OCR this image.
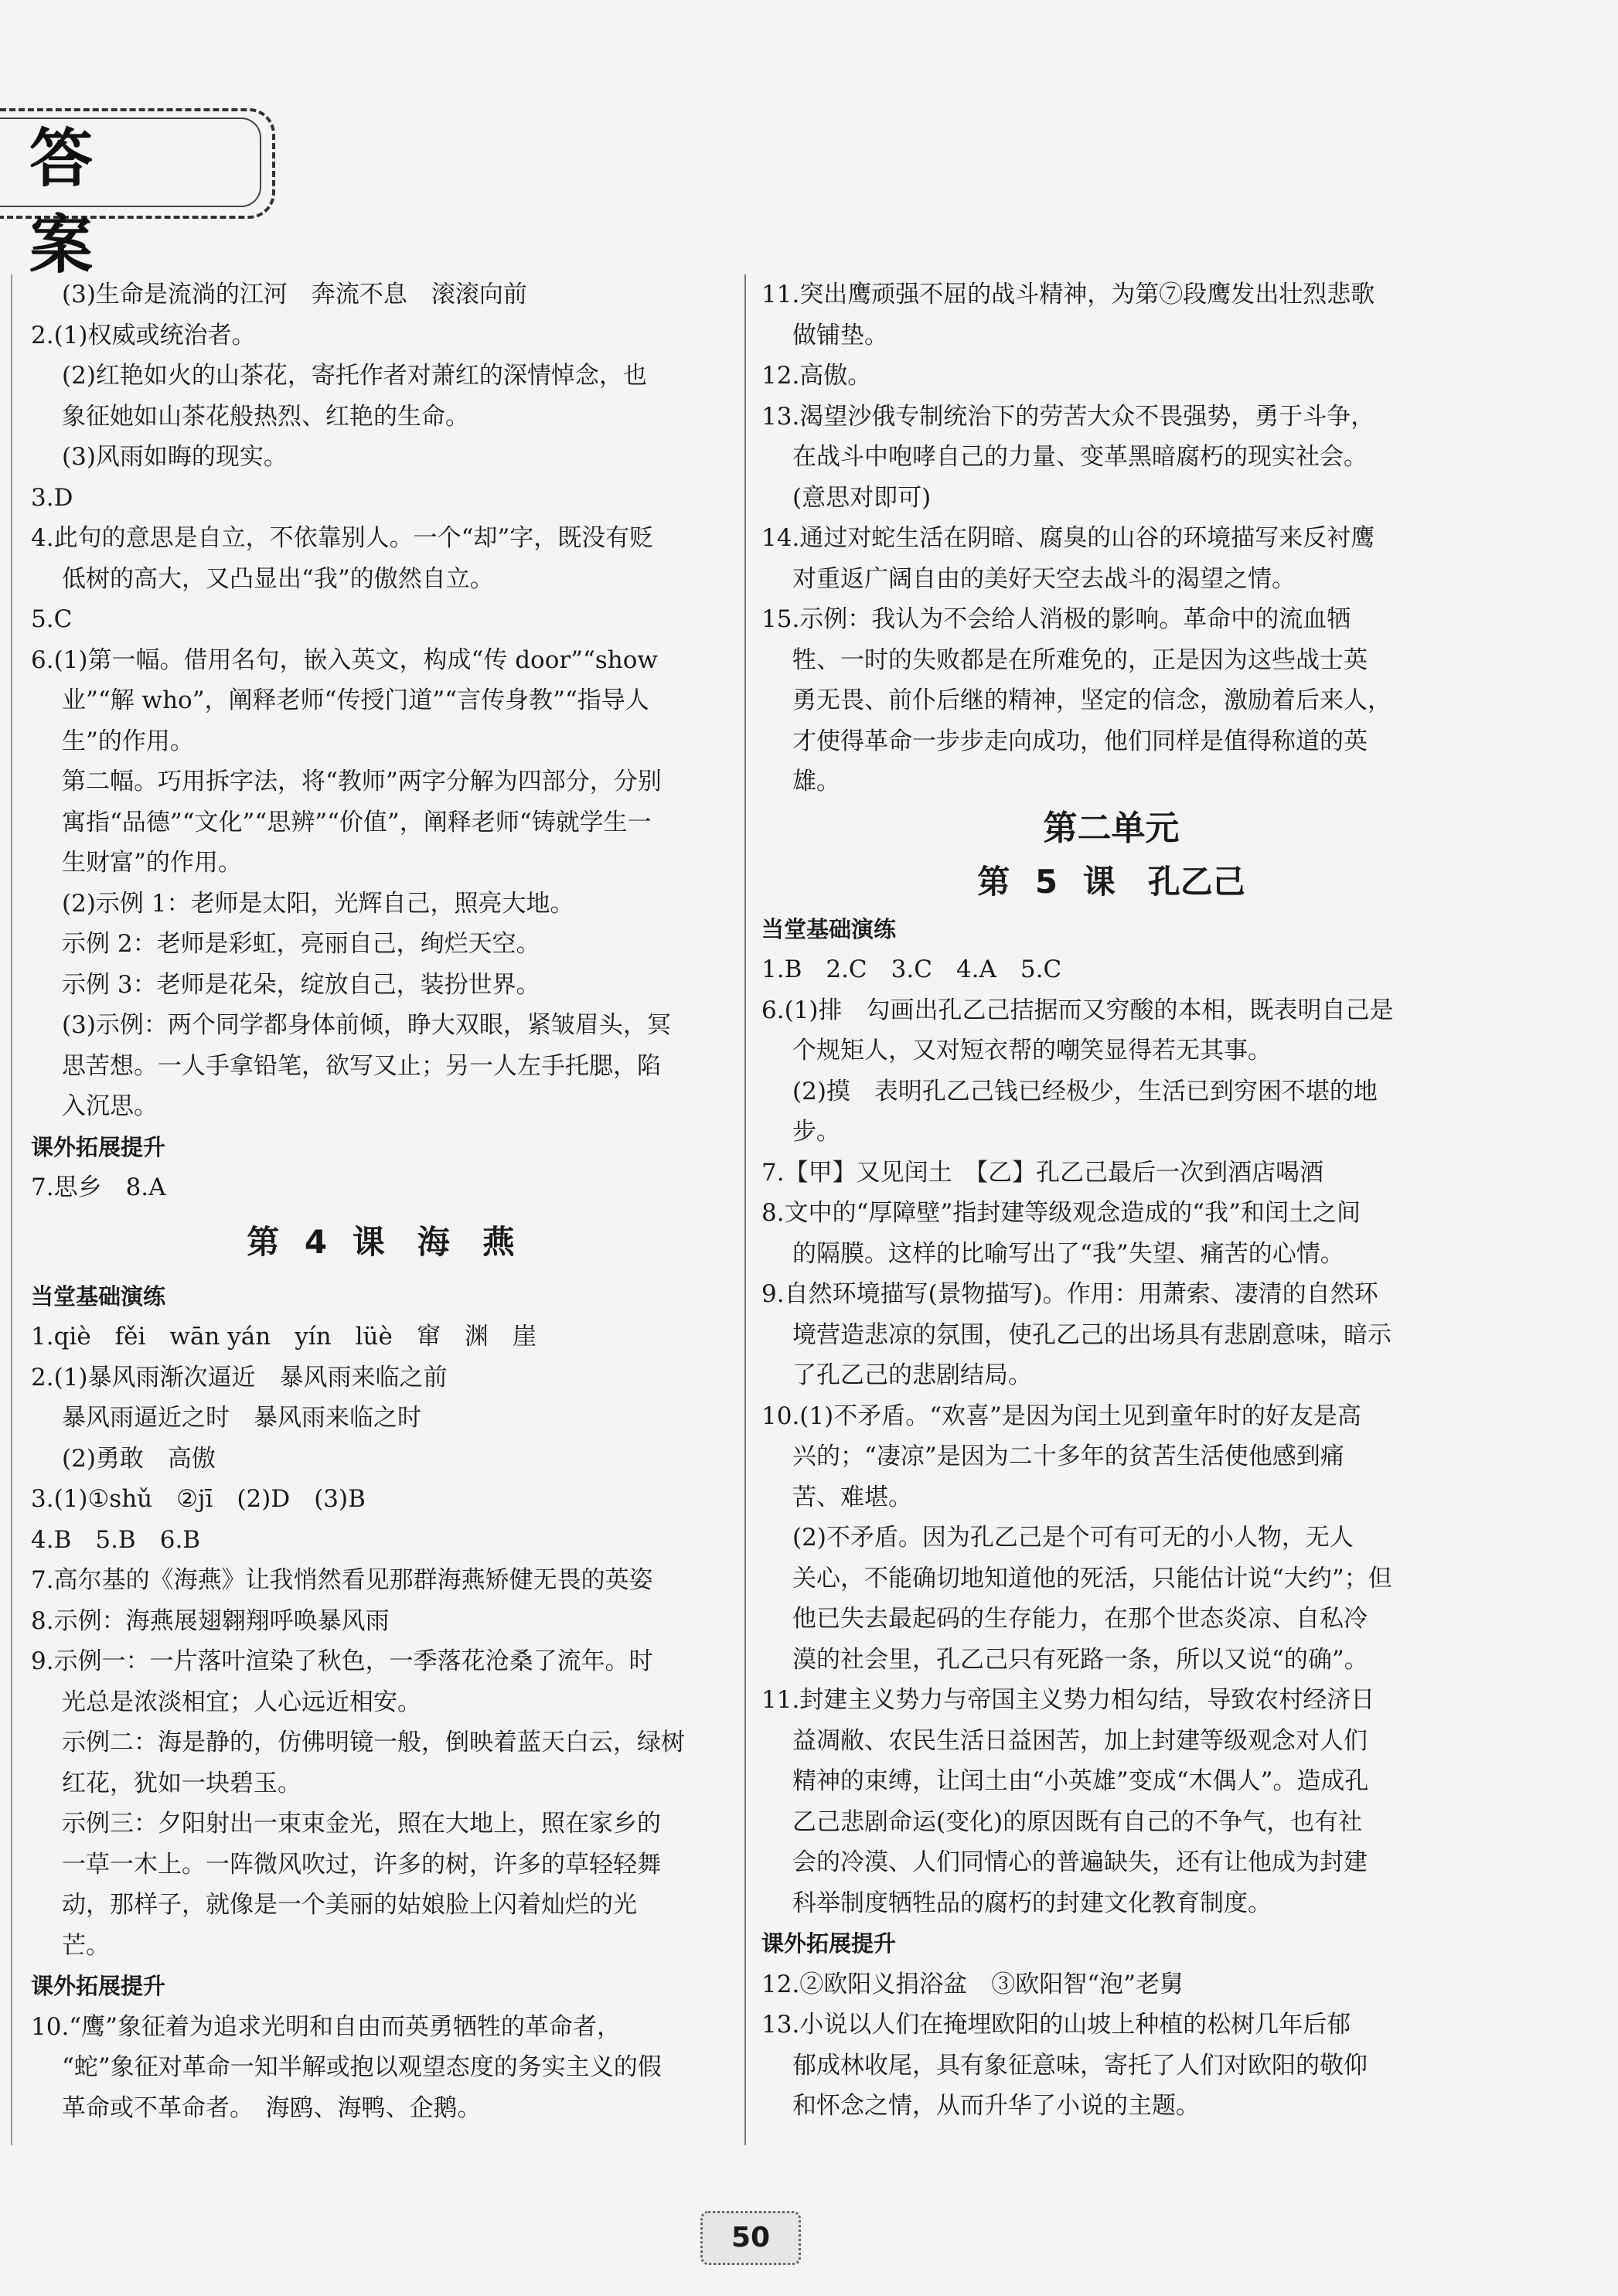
答 案
(3)生命是流淌的江河　奔流不息　滚滚向前
2.(1)权威或统治者。
(2)红艳如火的山茶花，寄托作者对萧红的深情悼念，也
象征她如山茶花般热烈、红艳的生命。
(3)风雨如晦的现实。
3.D
4.此句的意思是自立，不依靠别人。一个“却”字，既没有贬
低树的高大，又凸显出“我”的傲然自立。
5.C
6.(1)第一幅。借用名句，嵌入英文，构成“传 door”“show
业”“解 who”，阐释老师“传授门道”“言传身教”“指导人
生”的作用。
第二幅。巧用拆字法，将“教师”两字分解为四部分，分别
寓指“品德”“文化”“思辨”“价值”，阐释老师“铸就学生一
生财富”的作用。
(2)示例 1：老师是太阳，光辉自己，照亮大地。
示例 2：老师是彩虹，亮丽自己，绚烂天空。
示例 3：老师是花朵，绽放自己，装扮世界。
(3)示例：两个同学都身体前倾，睁大双眼，紧皱眉头，冥
思苦想。一人手拿铅笔，欲写又止；另一人左手托腮，陷
入沉思。
课外拓展提升
7.思乡　8.A
第 4 课　海　燕
当堂基础演练
1.qiè　fěi　wān yán　yín　lüè　窜　渊　崖
2.(1)暴风雨渐次逼近　暴风雨来临之前
暴风雨逼近之时　暴风雨来临之时
(2)勇敢　高傲
3.(1)①shǔ　②jī　(2)D　(3)B
4.B　5.B　6.B
7.高尔基的《海燕》让我悄然看见那群海燕矫健无畏的英姿
8.示例：海燕展翅翱翔呼唤暴风雨
9.示例一：一片落叶渲染了秋色，一季落花沧桑了流年。时
光总是浓淡相宜；人心远近相安。
示例二：海是静的，仿佛明镜一般，倒映着蓝天白云，绿树
红花，犹如一块碧玉。
示例三：夕阳射出一束束金光，照在大地上，照在家乡的
一草一木上。一阵微风吹过，许多的树，许多的草轻轻舞
动，那样子，就像是一个美丽的姑娘脸上闪着灿烂的光
芒。
课外拓展提升
10.“鹰”象征着为追求光明和自由而英勇牺牲的革命者，
“蛇”象征对革命一知半解或抱以观望态度的务实主义的假
革命或不革命者。　海鸥、海鸭、企鹅。
11.突出鹰顽强不屈的战斗精神，为第⑦段鹰发出壮烈悲歌
做铺垫。
12.高傲。
13.渴望沙俄专制统治下的劳苦大众不畏强势，勇于斗争，
在战斗中咆哮自己的力量、变革黑暗腐朽的现实社会。
(意思对即可)
14.通过对蛇生活在阴暗、腐臭的山谷的环境描写来反衬鹰
对重返广阔自由的美好天空去战斗的渴望之情。
15.示例：我认为不会给人消极的影响。革命中的流血牺
牲、一时的失败都是在所难免的，正是因为这些战士英
勇无畏、前仆后继的精神，坚定的信念，激励着后来人，
才使得革命一步步走向成功，他们同样是值得称道的英
雄。
第二单元
第 5 课　孔乙己
当堂基础演练
1.B　2.C　3.C　4.A　5.C
6.(1)排　勾画出孔乙己拮据而又穷酸的本相，既表明自己是
个规矩人，又对短衣帮的嘲笑显得若无其事。
(2)摸　表明孔乙己钱已经极少，生活已到穷困不堪的地
步。
7.【甲】又见闰土　【乙】孔乙己最后一次到酒店喝酒
8.文中的“厚障壁”指封建等级观念造成的“我”和闰土之间
的隔膜。这样的比喻写出了“我”失望、痛苦的心情。
9.自然环境描写(景物描写)。作用：用萧索、凄清的自然环
境营造悲凉的氛围，使孔乙己的出场具有悲剧意味，暗示
了孔乙己的悲剧结局。
10.(1)不矛盾。“欢喜”是因为闰土见到童年时的好友是高
兴的；“凄凉”是因为二十多年的贫苦生活使他感到痛
苦、难堪。
(2)不矛盾。因为孔乙己是个可有可无的小人物，无人
关心，不能确切地知道他的死活，只能估计说“大约”；但
他已失去最起码的生存能力，在那个世态炎凉、自私冷
漠的社会里，孔乙己只有死路一条，所以又说“的确”。
11.封建主义势力与帝国主义势力相勾结，导致农村经济日
益凋敝、农民生活日益困苦，加上封建等级观念对人们
精神的束缚，让闰土由“小英雄”变成“木偶人”。造成孔
乙己悲剧命运(变化)的原因既有自己的不争气，也有社
会的冷漠、人们同情心的普遍缺失，还有让他成为封建
科举制度牺牲品的腐朽的封建文化教育制度。
课外拓展提升
12.②欧阳义捐浴盆　③欧阳智“泡”老舅
13.小说以人们在掩埋欧阳的山坡上种植的松树几年后郁
郁成林收尾，具有象征意味，寄托了人们对欧阳的敬仰
和怀念之情，从而升华了小说的主题。
50
